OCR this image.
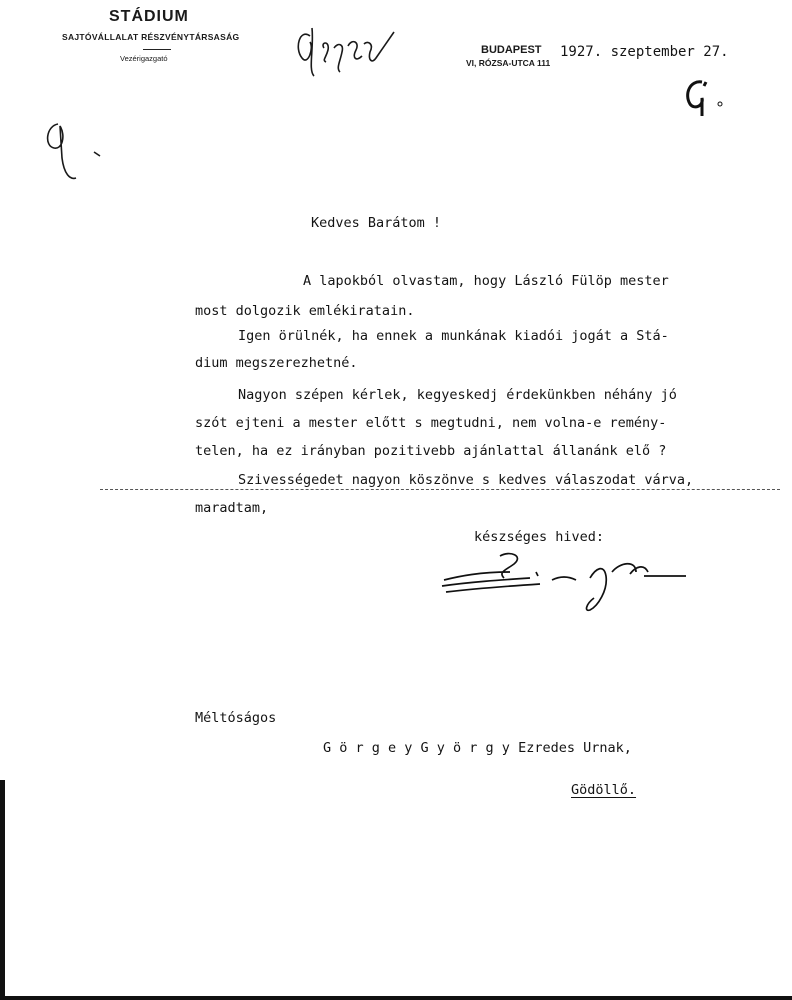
STÁDIUM
SAJTÓVÁLLALAT RÉSZVÉNYTÁRSASÁG
Vezérigazgató
BUDAPEST
VI, RÓZSA-UTCA 111
1927. szeptember 27.
Kedves Barátom !
A lapokból olvastam, hogy László Fülöp mester
most dolgozik emlékiratain.
Igen örülnék, ha ennek a munkának kiadói jogát a Stá-
dium megszerezhetné.
Nagyon szépen kérlek, kegyeskedj érdekünkben néhány jó
szót ejteni a mester előtt s megtudni, nem volna-e remény-
telen, ha ez irányban pozitivebb ajánlattal állanánk elő ?
Szivességedet nagyon köszönve s kedves válaszodat várva,
maradtam,
készséges hived:
Méltóságos
G ö r g e y G y ö r g y Ezredes Urnak,
Gödöllő.
